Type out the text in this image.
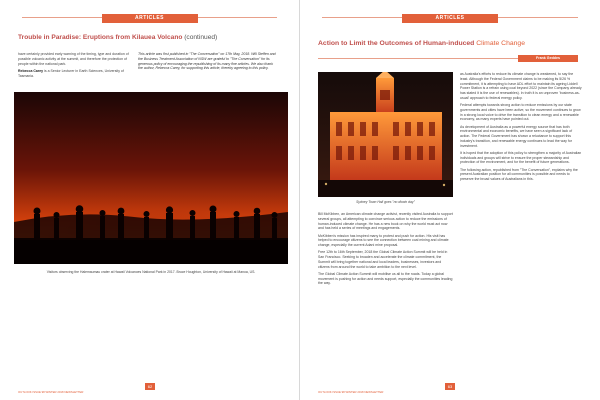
ARTICLES
Trouble in Paradise: Eruptions from Kilauea Volcano (continued)

have certainly provided early warning of the timing, type and duration of possible volcanic activity at the summit, and therefore the protection of people within the national park.

Rebecca Carey is a Senior Lecturer in Earth Sciences, University of Tasmania.

This article was first published in "The Conversation" on 17th May, 2018. Will Steffen and the Business Treatment Association of NSW are grateful to "The Conversation" for its generous policy of encouraging the republishing of its many fine articles. We also thank the author, Rebecca Carey, for supporting this article, thereby agreeing to this policy.
Visitors observing the Halemaumau crater at Hawaii Volcanoes National Park in 2017. Bruce Houghton, University of Hawaii at Manoa, US.
62
OUTLOOK ISSUE 98 WINTER 2018 NEWSLETTER
ARTICLES
Action to Limit the Outcomes of Human-induced Climate Change
Frank Geddes
Sydney Town Hall goes "no dioxin day"

as Australia's efforts to reduce its climate change is weakened, to say the least. Although the Federal Government claims to be making its 5/26 % commitment, it is attempting to have ADL effort to maintain its ageing Liddell Power Station is a refrain using coal beyond 2022 (since the Company already has stated it is the use of renewables). In truth it is an unproven 'business-as-usual' approach to federal energy policy.

Federal attempts towards strong action to reduce emissions by our state governments and cities have been active, so the movement continues to grow in a strong local voice to drive the transition to clean energy and a renewable economy, as many experts have pointed out.

As development of Australia as a powerful energy source that has both environmental and economic benefits, we have seen a significant lack of action. The Federal Government has shown a reluctance to support this industry's transition, and renewable energy continues to lead the way for investment.

It is hoped that the adoption of this policy to strengthen a majority of Australian individuals and groups will strive to ensure the proper stewardship and protection of the environment, and for the benefit of future generations.

The following action, republished from "The Conversation", explains why the present Australian position for all communities is possible and needs to preserve the broad values of Australians in this.

Bill McKibben, an American climate change activist, recently visited Australia to support several groups, all attempting to convince serious action to reduce the emissions of human-induced climate change. He has a new book on why the world must act now and has held a series of meetings and engagements.

McKibben's mission has inspired many to protest and push for action. His visit has helped to encourage citizens to see the connection between coal mining and climate change, especially the current Adani mine proposal.

Free 12th to 16th September, 2018 the Global Climate Action Summit will be held in San Francisco. Seeking to broaden and accelerate the climate commitment, the Summit will bring together national and local leaders, businesses, investors and citizens from around the world to take ambition to the next level.

The Global Climate Action Summit will mobilise us all to the roads. Today a global movement is pushing for action and needs support, especially the communities leading the way.

63
OUTLOOK ISSUE 98 WINTER 2018 NEWSLETTER
